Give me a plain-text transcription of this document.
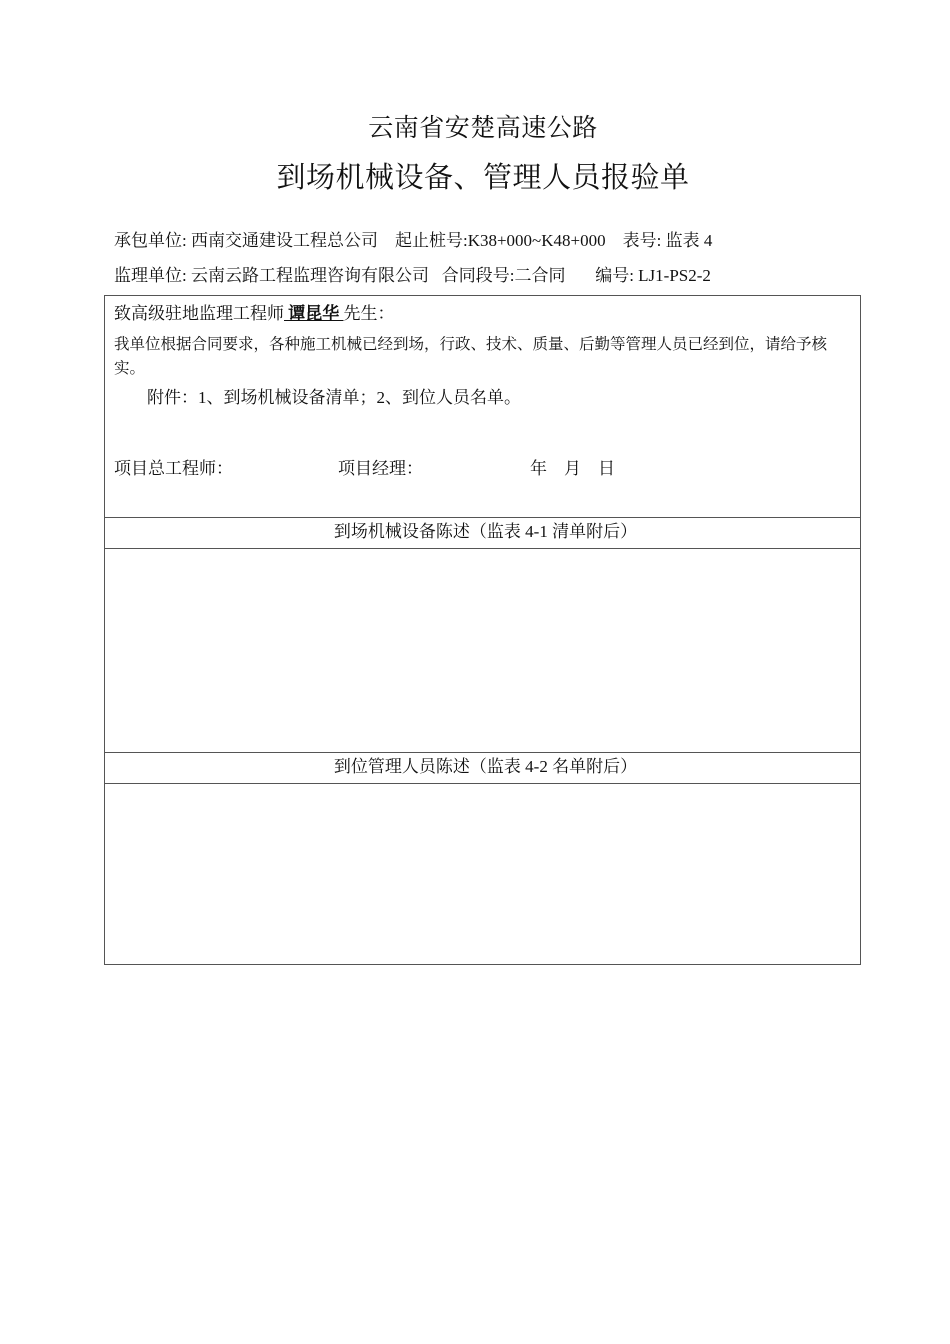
云南省安楚高速公路
到场机械设备、管理人员报验单
承包单位: 西南交通建设工程总公司    起止桩号:K38+000~K48+000    表号: 监表 4
监理单位: 云南云路工程监理咨询有限公司   合同段号:二合同       编号: LJ1-PS2-2
致高级驻地监理工程师 谭昆华 先生：
我单位根据合同要求，各种施工机械已经到场，行政、技术、质量、后勤等管理人员已经到位，请给予核实。
附件：1、到场机械设备清单；2、到位人员名单。
项目总工程师：	项目经理：	年    月    日
到场机械设备陈述（监表 4-1 清单附后）
到位管理人员陈述（监表 4-2 名单附后）
